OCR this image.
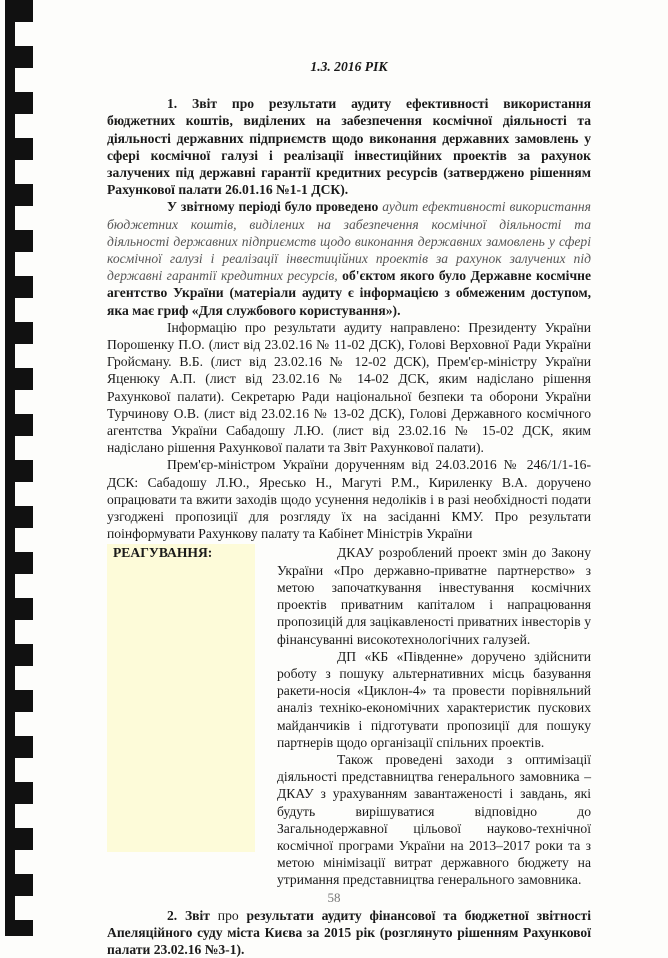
1.3. 2016 РІК

1. Звіт про результати аудиту ефективності використання бюджетних коштів, виділених на забезпечення космічної діяльності та діяльності державних підприємств щодо виконання державних замовлень у сфері космічної галузі і реалізації інвестиційних проектів за рахунок залучених під державні гарантії кредитних ресурсів (затверджено рішенням Рахункової палати 26.01.16 №1-1 ДСК).

У звітному періоді було проведено аудит ефективності використання бюджетних коштів, виділених на забезпечення космічної діяльності та діяльності державних підприємств щодо виконання державних замовлень у сфері космічної галузі і реалізації інвестиційних проектів за рахунок залучених під державні гарантії кредитних ресурсів, об'єктом якого було Державне космічне агентство України (матеріали аудиту є інформацією з обмеженим доступом, яка має гриф «Для службового користування»).

Інформацію про результати аудиту направлено: Президенту України Порошенку П.О. (лист від 23.02.16 № 11-02 ДСК), Голові Верховної Ради України Гройсману. В.Б. (лист від 23.02.16 № 12-02 ДСК), Прем'єр-міністру України Яценюку А.П. (лист від 23.02.16 № 14-02 ДСК, яким надіслано рішення Рахункової палати). Секретарю Ради національної безпеки та оборони України Турчинову О.В. (лист від 23.02.16 № 13-02 ДСК), Голові Державного космічного агентства України Сабадошу Л.Ю. (лист від 23.02.16 № 15-02 ДСК, яким надіслано рішення Рахункової палати та Звіт Рахункової палати).

Прем'єр-міністром України дорученням від 24.03.2016 № 246/1/1-16-ДСК: Сабадошу Л.Ю., Яресько Н., Магуті Р.М., Кириленку В.А. доручено опрацювати та вжити заходів щодо усунення недоліків і в разі необхідності подати узгоджені пропозиції для розгляду їх на засіданні КМУ. Про результати поінформувати Рахункову палату та Кабінет Міністрів України

РЕАГУВАННЯ:	ДКАУ розроблений проект змін до Закону України «Про державно-приватне партнерство» з метою започаткування інвестування космічних проектів приватним капіталом і напрацювання пропозицій для зацікавленості приватних інвесторів у фінансуванні високотехнологічних галузей.

ДП «КБ «Південне» доручено здійснити роботу з пошуку альтернативних місць базування ракети-носія «Циклон-4» та провести порівняльний аналіз техніко-економічних характеристик пускових майданчиків і підготувати пропозиції для пошуку партнерів щодо організації спільних проектів.

Також проведені заходи з оптимізації діяльності представництва генерального замовника – ДКАУ з урахуванням завантаженості і завдань, які будуть вирішуватися відповідно до Загальнодержавної цільової науково-технічної космічної програми України на 2013–2017 роки та з метою мінімізації витрат державного бюджету на утримання представництва генерального замовника.

2. Звіт про результати аудиту фінансової та бюджетної звітності Апеляційного суду міста Києва за 2015 рік (розглянуто рішенням Рахункової палати 23.02.16 №3-1).

58
